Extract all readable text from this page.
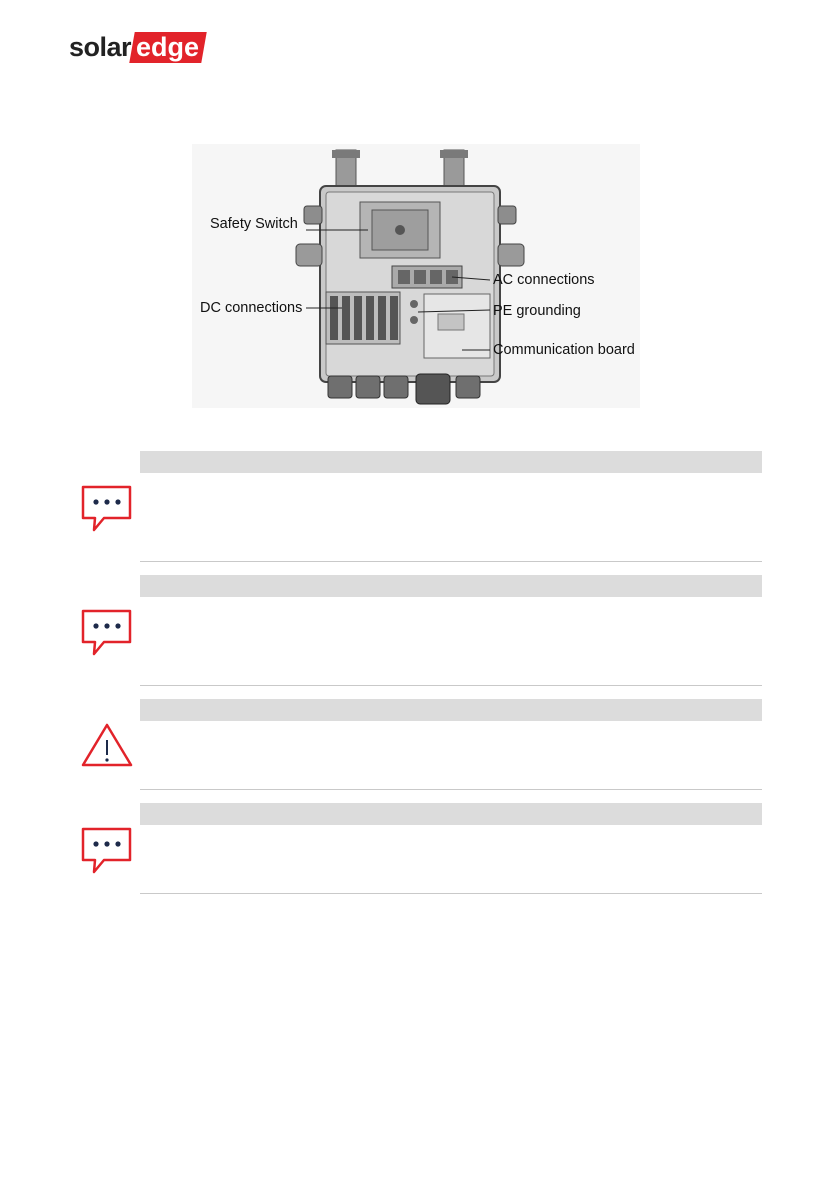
solar edge
Safety Switch
DC connections
AC connections
PE grounding
Communication board
